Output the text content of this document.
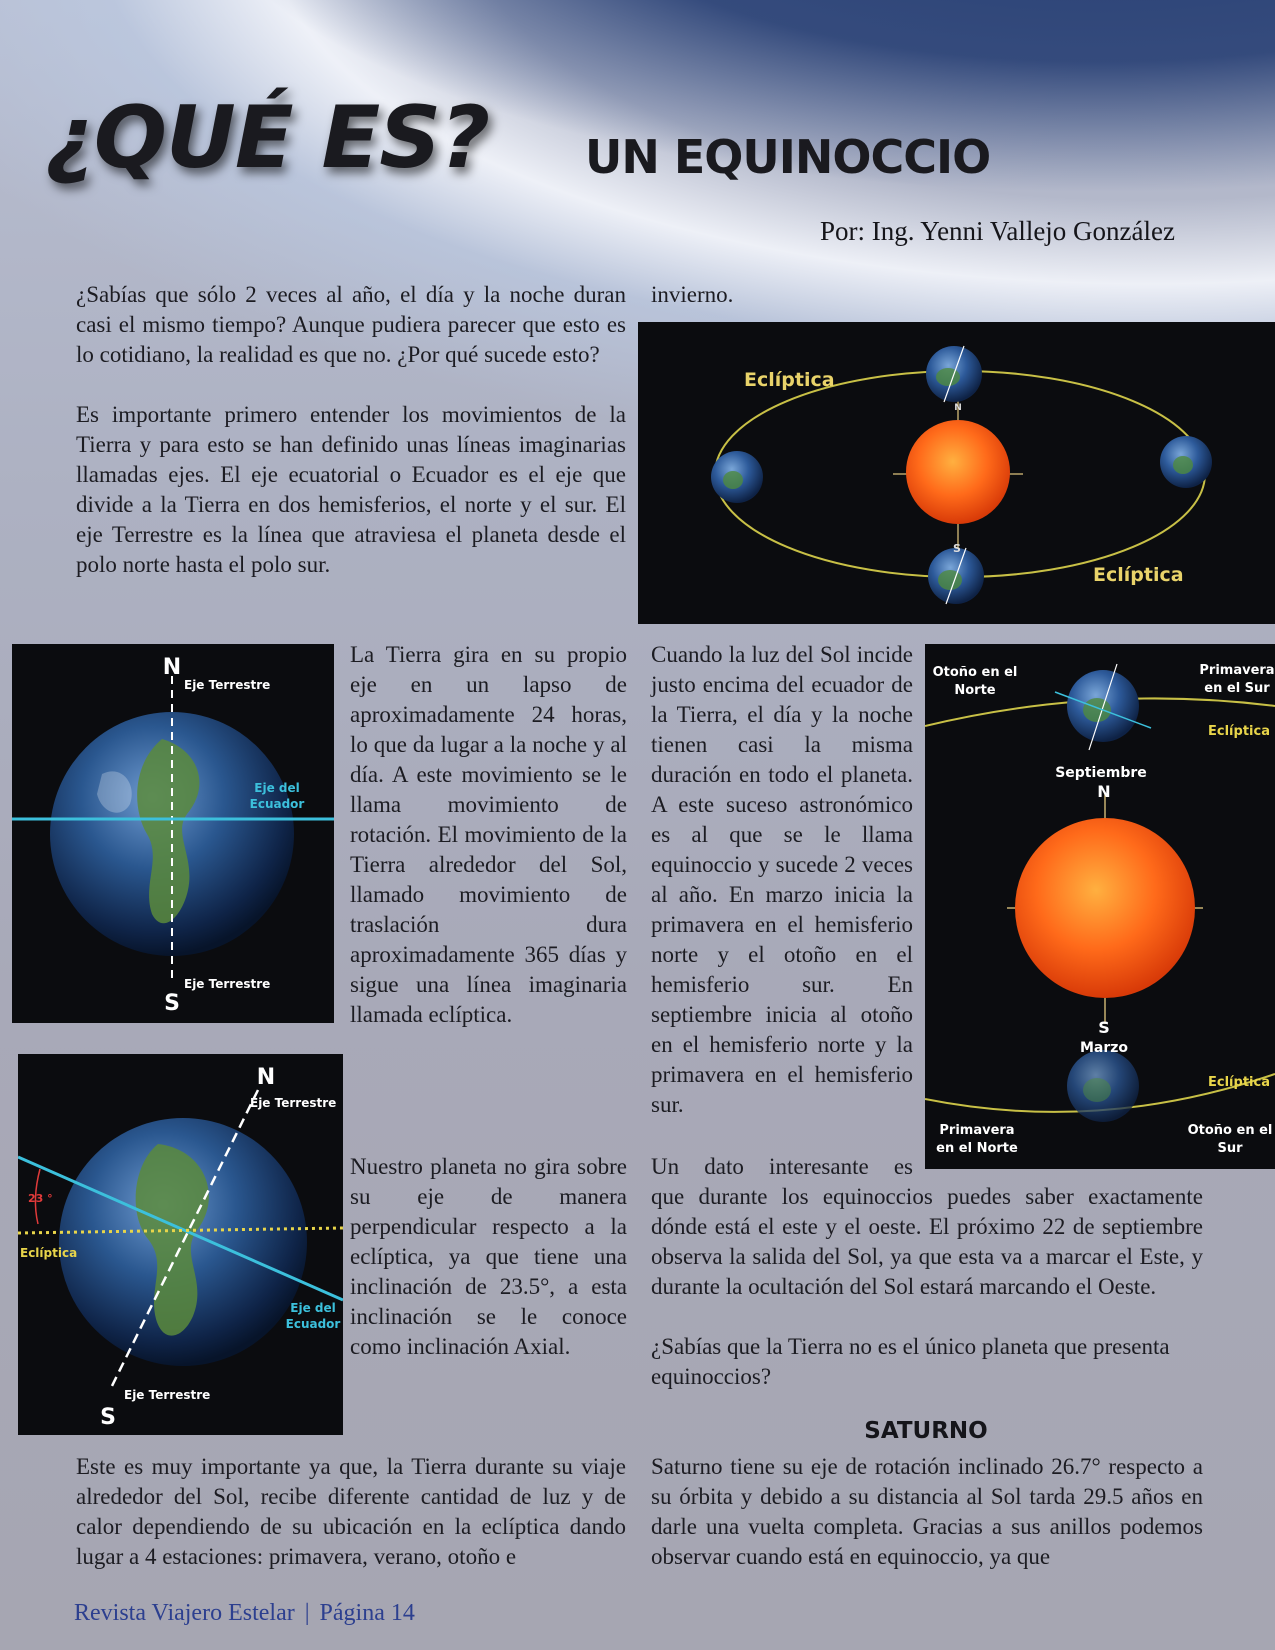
¿QUÉ ES? UN EQUINOCCIO
Por: Ing. Yenni Vallejo González

¿Sabías que sólo 2 veces al año, el día y la noche duran casi el mismo tiempo? Aunque pudiera parecer que esto es lo cotidiano, la realidad es que no. ¿Por qué sucede esto?

Es importante primero entender los movimientos de la Tierra y para esto se han definido unas líneas imaginarias llamadas ejes. El eje ecuatorial o Ecuador es el eje que divide a la Tierra en dos hemisferios, el norte y el sur. El eje Terrestre es la línea que atraviesa el planeta desde el polo norte hasta el polo sur.

invierno.
N
S
Eclíptica
Eclíptica
N
S
Eje Terrestre
Eje Terrestre
Eje del
Ecuador
La Tierra gira en su propio eje en un lapso de aproximadamente 24 horas, lo que da lugar a la noche y al día. A este movimiento se le llama movimiento de rotación. El movimiento de la Tierra alrededor del Sol, llamado movimiento de traslación dura aproximadamente 365 días y sigue una línea imaginaria llamada eclíptica.
N
S
Eje Terrestre
Eje Terrestre
23 °
Eclíptica
Eje del
Ecuador
Nuestro planeta no gira sobre su eje de manera perpendicular respecto a la eclíptica, ya que tiene una inclinación de 23.5°, a esta inclinación se le conoce como inclinación Axial.
Cuando la luz del Sol incide justo encima del ecuador de la Tierra, el día y la noche tienen casi la misma duración en todo el planeta. A este suceso astronómico es al que se le llama equinoccio y sucede 2 veces al año. En marzo inicia la primavera en el hemisferio norte y el otoño en el hemisferio sur. En septiembre inicia al otoño en el hemisferio norte y la primavera en el hemisferio sur.
Otoño en el
Norte
Primavera
en el Sur
Eclíptica
Septiembre
N
S
Marzo
Eclíptica
Primavera
en el Norte
Otoño en el
Sur
Un dato interesante es
que durante los equinoccios puedes saber exactamente dónde está el este y el oeste. El próximo 22 de septiembre observa la salida del Sol, ya que esta va a marcar el Este, y durante la ocultación del Sol estará marcando el Oeste.
¿Sabías que la Tierra no es el único planeta que presenta equinoccios?
SATURNO
Saturno tiene su eje de rotación inclinado 26.7° respecto a su órbita y debido a su distancia al Sol tarda 29.5 años en darle una vuelta completa. Gracias a sus anillos podemos observar cuando está en equinoccio, ya que
Este es muy importante ya que, la Tierra durante su viaje alrededor del Sol, recibe diferente cantidad de luz y de calor dependiendo de su ubicación en la eclíptica dando lugar a 4 estaciones: primavera, verano, otoño e
Revista Viajero Estelar | Página 14
